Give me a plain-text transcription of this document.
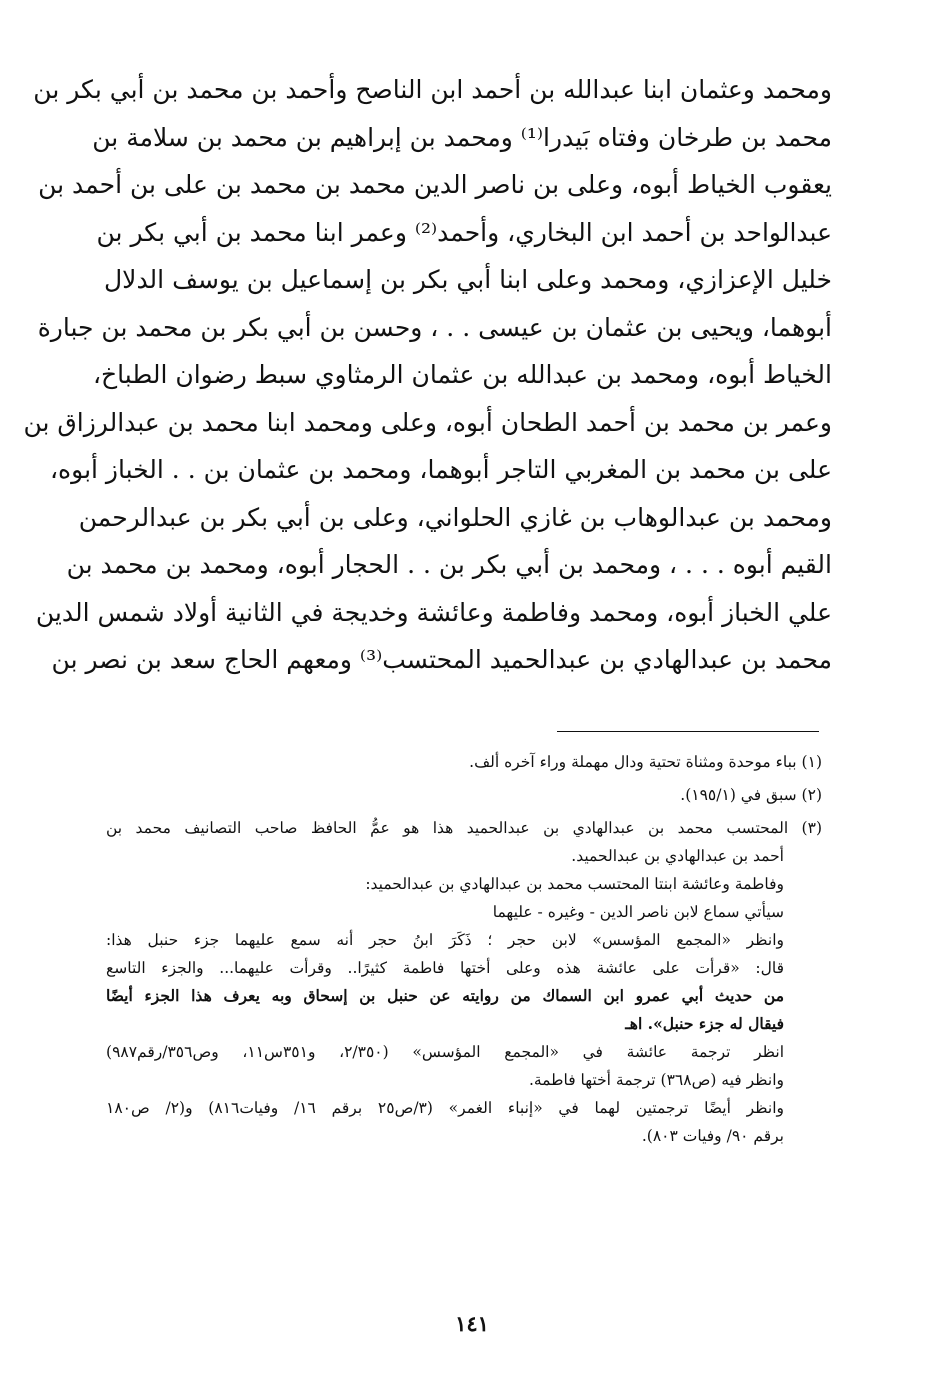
ومحمد وعثمان ابنا عبدالله بن أحمد ابن الناصح وأحمد بن محمد بن أبي بكر بن
محمد بن طرخان وفتاه بَيدرا⁽¹⁾ ومحمد بن إبراهيم بن محمد بن سلامة بن
يعقوب الخياط أبوه، وعلى بن ناصر الدين محمد بن محمد بن على بن أحمد بن
عبدالواحد بن أحمد ابن البخاري، وأحمد⁽²⁾ وعمر ابنا محمد بن أبي بكر بن
خليل الإعزازي، ومحمد وعلى ابنا أبي بكر بن إسماعيل بن يوسف الدلال
أبوهما، ويحيى بن عثمان بن عيسى . . ، وحسن بن أبي بكر بن محمد بن جبارة
الخياط أبوه، ومحمد بن عبدالله بن عثمان الرمثاوي سبط رضوان الطباخ،
وعمر بن محمد بن أحمد الطحان أبوه، وعلى ومحمد ابنا محمد بن عبدالرزاق بن
على بن محمد بن المغربي التاجر أبوهما، ومحمد بن عثمان بن . . الخباز أبوه،
ومحمد بن عبدالوهاب بن غازي الحلواني، وعلى بن أبي بكر بن عبدالرحمن
القيم أبوه . . . ، ومحمد بن أبي بكر بن . . الحجار أبوه، ومحمد بن محمد بن
علي الخباز أبوه، ومحمد وفاطمة وعائشة وخديجة في الثانية أولاد شمس الدين
محمد بن عبدالهادي بن عبدالحميد المحتسب⁽³⁾ ومعهم الحاج سعد بن نصر بن
(١) بباء موحدة ومثناة تحتية ودال مهملة وراء آخره ألف.
(٢) سبق في (١٩٥/١).
(٣) المحتسب محمد بن عبدالهادي بن عبدالحميد هذا هو عمُّ الحافظ صاحب التصانيف محمد بن
أحمد بن عبدالهادي بن عبدالحميد.
وفاطمة وعائشة ابنتا المحتسب محمد بن عبدالهادي بن عبدالحميد:
سيأتي سماع لابن ناصر الدين - وغيره - عليهما
وانظر «المجمع المؤسس» لابن حجر ؛ ذَكَرَ ابنُ حجر أنه سمع عليهما جزء حنبل هذا:
قال: «قرأت على عائشة هذه وعلى أختها فاطمة كثيرًا.. وقرأت عليهما... والجزء التاسع
من حديث أبي عمرو ابن السماك من روايته عن حنبل بن إسحاق وبه يعرف هذا الجزء أيضًا
فيقال له جزء حنبل». اهـ
انظر ترجمة عائشة في «المجمع المؤسس» (٢/٣٥٠، و٣٥١س١١، وص٣٥٦/رقم٩٨٧)
وانظر فيه (ص٣٦٨) ترجمة أختها فاطمة.
وانظر أيضًا ترجمتين لهما في «إنباء الغمر» (٣/ص٢٥ برقم ١٦/ وفيات٨١٦) و(٢/ ص١٨٠
برقم ٩٠/ وفيات ٨٠٣).
١٤١
